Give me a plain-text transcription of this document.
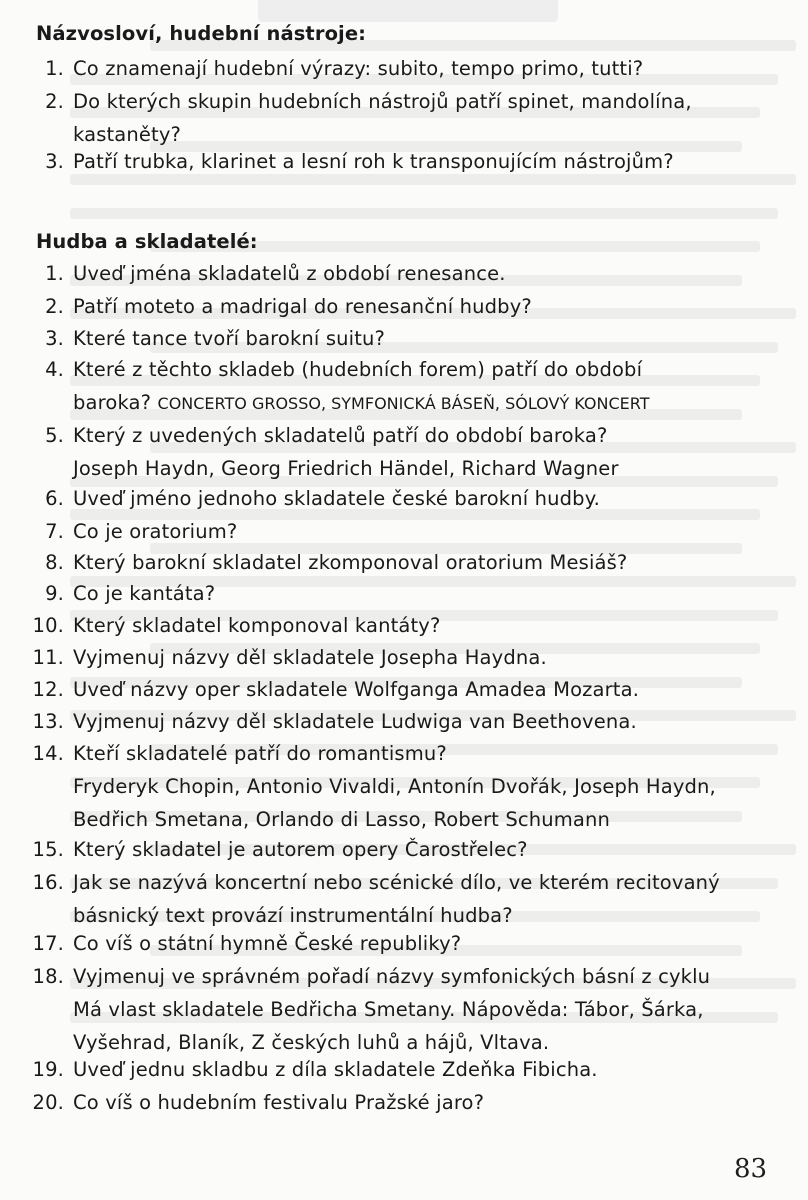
Názvosloví, hudební nástroje:
1. Co znamenají hudební výrazy: subito, tempo primo, tutti?
2. Do kterých skupin hudebních nástrojů patří spinet, mandolína,
kastaněty?
3. Patří trubka, klarinet a lesní roh k transponujícím nástrojům?
Hudba a skladatelé:
1. Uveď jména skladatelů z období renesance.
2. Patří moteto a madrigal do renesanční hudby?
3. Které tance tvoří barokní suitu?
4. Které z těchto skladeb (hudebních forem) patří do období
baroka? CONCERTO GROSSO, SYMFONICKÁ BÁSEŇ, SÓLOVÝ KONCERT
5. Který z uvedených skladatelů patří do období baroka?
Joseph Haydn, Georg Friedrich Händel, Richard Wagner
6. Uveď jméno jednoho skladatele české barokní hudby.
7. Co je oratorium?
8. Který barokní skladatel zkomponoval oratorium Mesiáš?
9. Co je kantáta?
10. Který skladatel komponoval kantáty?
11. Vyjmenuj názvy děl skladatele Josepha Haydna.
12. Uveď názvy oper skladatele Wolfganga Amadea Mozarta.
13. Vyjmenuj názvy děl skladatele Ludwiga van Beethovena.
14. Kteří skladatelé patří do romantismu?
Fryderyk Chopin, Antonio Vivaldi, Antonín Dvořák, Joseph Haydn,
Bedřich Smetana, Orlando di Lasso, Robert Schumann
15. Který skladatel je autorem opery Čarostřelec?
16. Jak se nazývá koncertní nebo scénické dílo, ve kterém recitovaný
básnický text provází instrumentální hudba?
17. Co víš o státní hymně České republiky?
18. Vyjmenuj ve správném pořadí názvy symfonických básní z cyklu
Má vlast skladatele Bedřicha Smetany. Nápověda: Tábor, Šárka,
Vyšehrad, Blaník, Z českých luhů a hájů, Vltava.
19. Uveď jednu skladbu z díla skladatele Zdeňka Fibicha.
20. Co víš o hudebním festivalu Pražské jaro?
83
